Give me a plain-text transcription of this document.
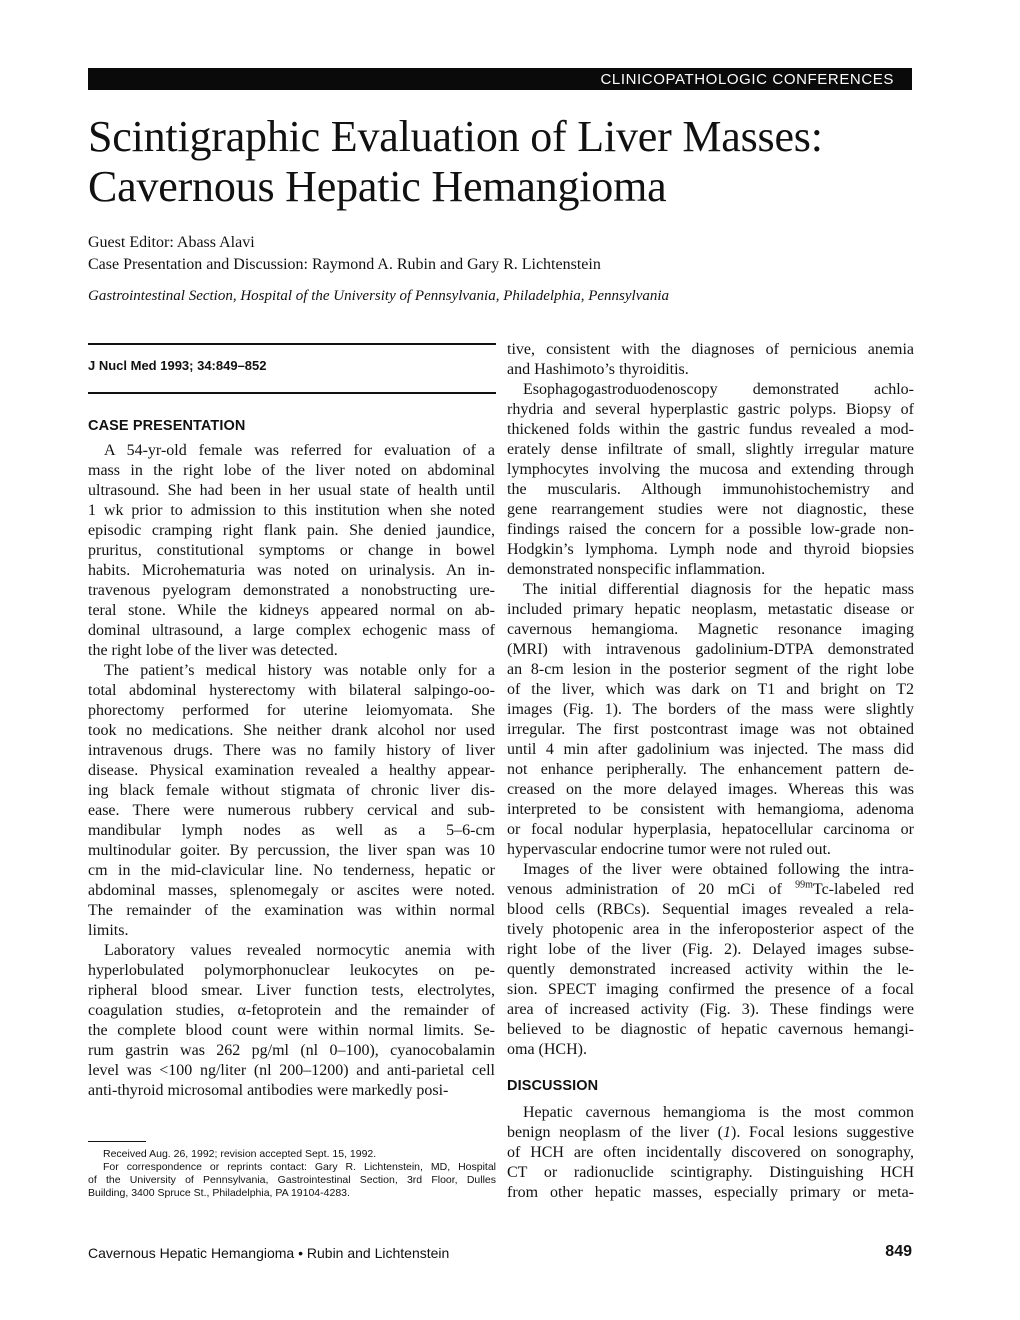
CLINICOPATHOLOGIC CONFERENCES
Scintigraphic Evaluation of Liver Masses:
Cavernous Hepatic Hemangioma
Guest Editor: Abass Alavi
Case Presentation and Discussion: Raymond A. Rubin and Gary R. Lichtenstein
Gastrointestinal Section, Hospital of the University of Pennsylvania, Philadelphia, Pennsylvania
J Nucl Med 1993; 34:849–852
CASE PRESENTATION
A 54-yr-old female was referred for evaluation of a
mass in the right lobe of the liver noted on abdominal
ultrasound. She had been in her usual state of health until
1 wk prior to admission to this institution when she noted
episodic cramping right flank pain. She denied jaundice,
pruritus, constitutional symptoms or change in bowel
habits. Microhematuria was noted on urinalysis. An in-
travenous pyelogram demonstrated a nonobstructing ure-
teral stone. While the kidneys appeared normal on ab-
dominal ultrasound, a large complex echogenic mass of
the right lobe of the liver was detected.
The patient’s medical history was notable only for a
total abdominal hysterectomy with bilateral salpingo-oo-
phorectomy performed for uterine leiomyomata. She
took no medications. She neither drank alcohol nor used
intravenous drugs. There was no family history of liver
disease. Physical examination revealed a healthy appear-
ing black female without stigmata of chronic liver dis-
ease. There were numerous rubbery cervical and sub-
mandibular lymph nodes as well as a 5–6-cm
multinodular goiter. By percussion, the liver span was 10
cm in the mid-clavicular line. No tenderness, hepatic or
abdominal masses, splenomegaly or ascites were noted.
The remainder of the examination was within normal
limits.
Laboratory values revealed normocytic anemia with
hyperlobulated polymorphonuclear leukocytes on pe-
ripheral blood smear. Liver function tests, electrolytes,
coagulation studies, α-fetoprotein and the remainder of
the complete blood count were within normal limits. Se-
rum gastrin was 262 pg/ml (nl 0–100), cyanocobalamin
level was <100 ng/liter (nl 200–1200) and anti-parietal cell
anti-thyroid microsomal antibodies were markedly posi-
Received Aug. 26, 1992; revision accepted Sept. 15, 1992.
For correspondence or reprints contact: Gary R. Lichtenstein, MD, Hospital
of the University of Pennsylvania, Gastrointestinal Section, 3rd Floor, Dulles
Building, 3400 Spruce St., Philadelphia, PA 19104-4283.
tive, consistent with the diagnoses of pernicious anemia
and Hashimoto’s thyroiditis.
Esophagogastroduodenoscopy demonstrated achlo-
rhydria and several hyperplastic gastric polyps. Biopsy of
thickened folds within the gastric fundus revealed a mod-
erately dense infiltrate of small, slightly irregular mature
lymphocytes involving the mucosa and extending through
the muscularis. Although immunohistochemistry and
gene rearrangement studies were not diagnostic, these
findings raised the concern for a possible low-grade non-
Hodgkin’s lymphoma. Lymph node and thyroid biopsies
demonstrated nonspecific inflammation.
The initial differential diagnosis for the hepatic mass
included primary hepatic neoplasm, metastatic disease or
cavernous hemangioma. Magnetic resonance imaging
(MRI) with intravenous gadolinium-DTPA demonstrated
an 8-cm lesion in the posterior segment of the right lobe
of the liver, which was dark on T1 and bright on T2
images (Fig. 1). The borders of the mass were slightly
irregular. The first postcontrast image was not obtained
until 4 min after gadolinium was injected. The mass did
not enhance peripherally. The enhancement pattern de-
creased on the more delayed images. Whereas this was
interpreted to be consistent with hemangioma, adenoma
or focal nodular hyperplasia, hepatocellular carcinoma or
hypervascular endocrine tumor were not ruled out.
Images of the liver were obtained following the intra-
venous administration of 20 mCi of $^{99m}$Tc-labeled red
blood cells (RBCs). Sequential images revealed a rela-
tively photopenic area in the inferoposterior aspect of the
right lobe of the liver (Fig. 2). Delayed images subse-
quently demonstrated increased activity within the le-
sion. SPECT imaging confirmed the presence of a focal
area of increased activity (Fig. 3). These findings were
believed to be diagnostic of hepatic cavernous hemangi-
oma (HCH).
DISCUSSION
Hepatic cavernous hemangioma is the most common
benign neoplasm of the liver (1). Focal lesions suggestive
of HCH are often incidentally discovered on sonography,
CT or radionuclide scintigraphy. Distinguishing HCH
from other hepatic masses, especially primary or meta-
Cavernous Hepatic Hemangioma • Rubin and Lichtenstein	849
